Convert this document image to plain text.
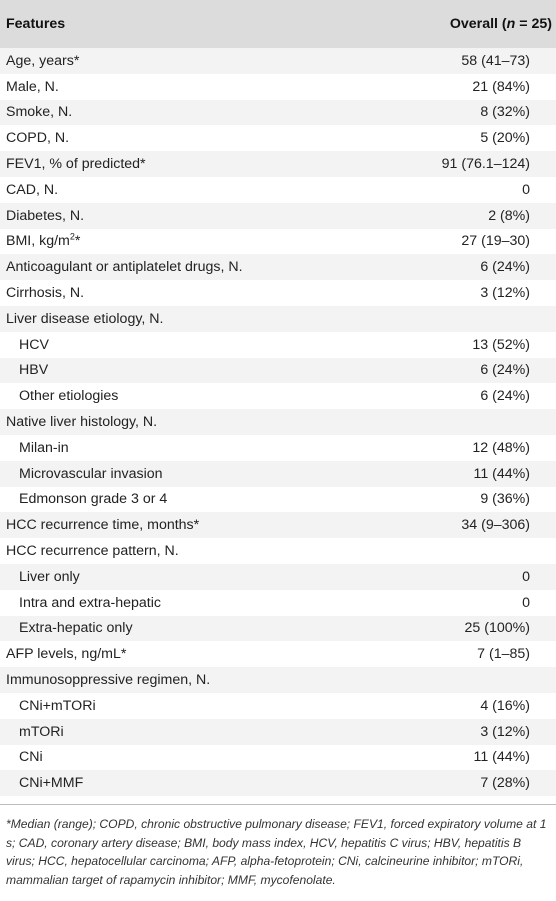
Features	Overall (n = 25)
Age, years*	58 (41–73)
Male, N.	21 (84%)
Smoke, N.	8 (32%)
COPD, N.	5 (20%)
FEV1, % of predicted*	91 (76.1–124)
CAD, N.	0
Diabetes, N.	2 (8%)
BMI, $kg/m^2*$	27 (19–30)
Anticoagulant or antiplatelet drugs, N.	6 (24%)
Cirrhosis, N.	3 (12%)
Liver disease etiology, N.	
HCV	13 (52%)
HBV	6 (24%)
Other etiologies	6 (24%)
Native liver histology, N.	
Milan-in	12 (48%)
Microvascular invasion	11 (44%)
Edmonson grade 3 or 4	9 (36%)
HCC recurrence time, months*	34 (9–306)
HCC recurrence pattern, N.	
Liver only	0
Intra and extra-hepatic	0
Extra-hepatic only	25 (100%)
AFP levels, ng/mL*	7 (1–85)
Immunosoppressive regimen, N.	
CNi+mTORi	4 (16%)
mTORi	3 (12%)
CNi	11 (44%)
CNi+MMF	7 (28%)
*Median (range); COPD, chronic obstructive pulmonary disease; FEV1, forced expiratory volume at 1 s; CAD, coronary artery disease; BMI, body mass index, HCV, hepatitis C virus; HBV, hepatitis B virus; HCC, hepatocellular carcinoma; AFP, alpha-fetoprotein; CNi, calcineurine inhibitor; mTORi, mammalian target of rapamycin inhibitor; MMF, mycofenolate.
